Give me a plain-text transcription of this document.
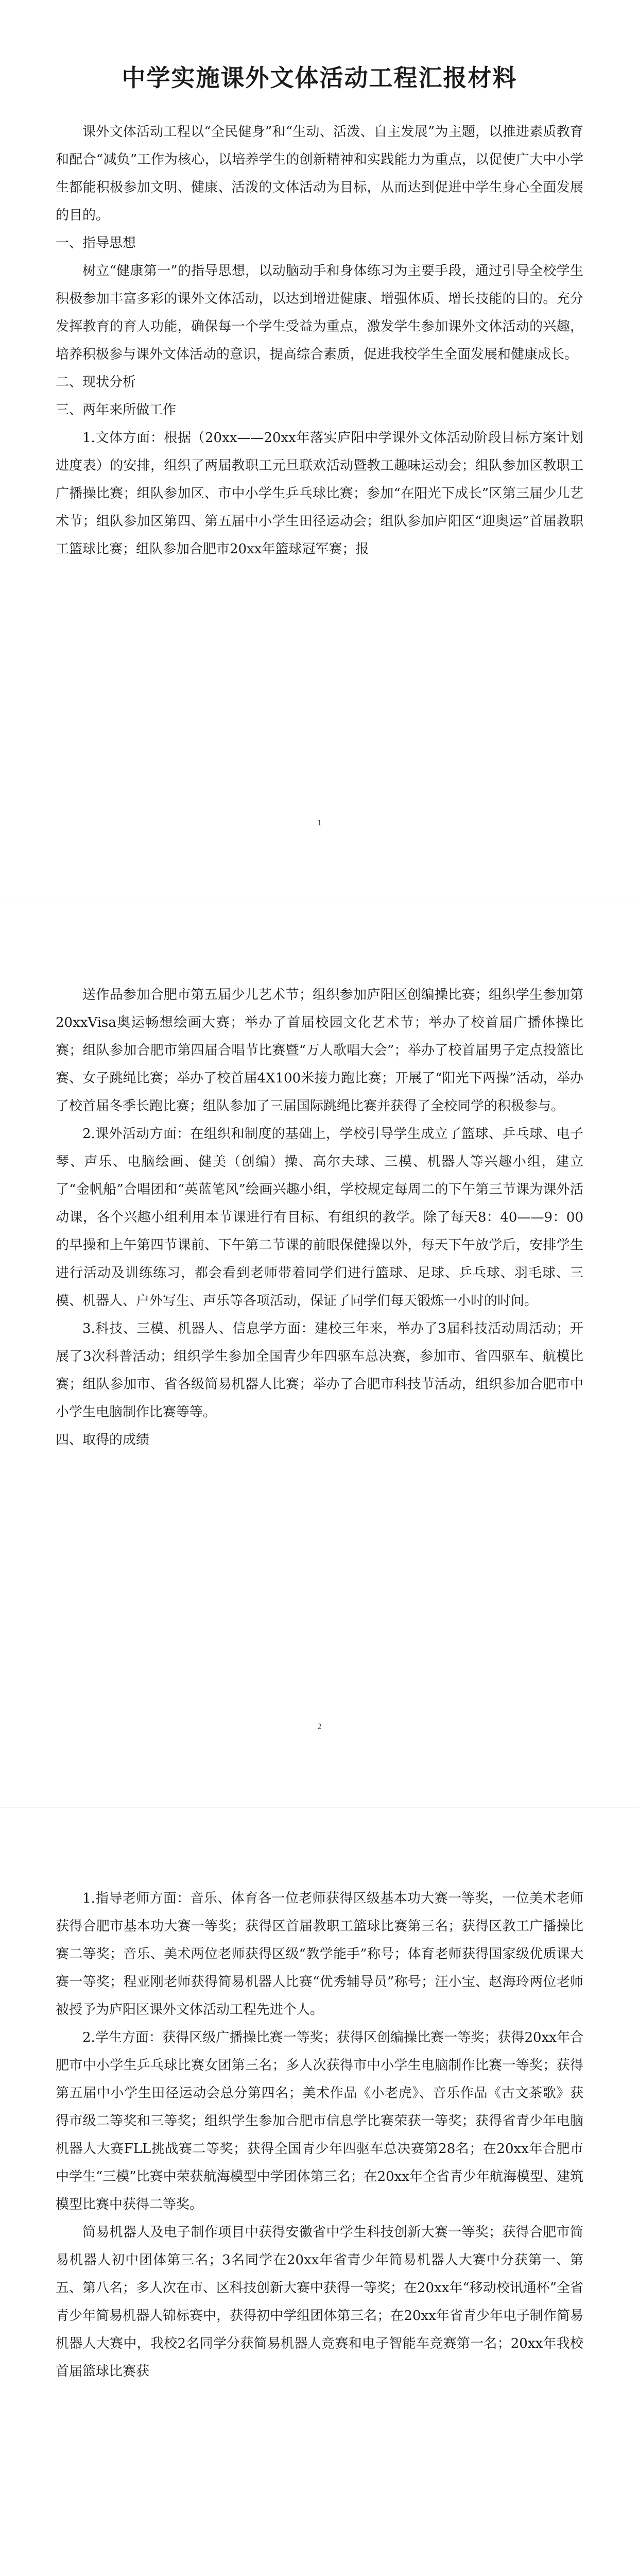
中学实施课外文体活动工程汇报材料

课外文体活动工程以“全民健身”和“生动、活泼、自主发展”为主题，以推进素质教育和配合“减负”工作为核心，以培养学生的创新精神和实践能力为重点，以促使广大中小学生都能积极参加文明、健康、活泼的文体活动为目标，从而达到促进中学生身心全面发展的目的。

一、指导思想

树立“健康第一”的指导思想，以动脑动手和身体练习为主要手段，通过引导全校学生积极参加丰富多彩的课外文体活动，以达到增进健康、增强体质、增长技能的目的。充分发挥教育的育人功能，确保每一个学生受益为重点，激发学生参加课外文体活动的兴趣，培养积极参与课外文体活动的意识，提高综合素质，促进我校学生全面发展和健康成长。

二、现状分析

三、两年来所做工作

1.文体方面：根据（20xx——20xx年落实庐阳中学课外文体活动阶段目标方案计划进度表）的安排，组织了两届教职工元旦联欢活动暨教工趣味运动会；组队参加区教职工广播操比赛；组队参加区、市中小学生乒乓球比赛；参加“在阳光下成长”区第三届少儿艺术节；组队参加区第四、第五届中小学生田径运动会；组队参加庐阳区“迎奥运”首届教职工篮球比赛；组队参加合肥市20xx年篮球冠军赛；报

1

送作品参加合肥市第五届少儿艺术节；组织参加庐阳区创编操比赛；组织学生参加第20xxVisa奥运畅想绘画大赛；举办了首届校园文化艺术节；举办了校首届广播体操比赛；组队参加合肥市第四届合唱节比赛暨“万人歌唱大会”；举办了校首届男子定点投篮比赛、女子跳绳比赛；举办了校首届4X100米接力跑比赛；开展了“阳光下两操”活动，举办了校首届冬季长跑比赛；组队参加了三届国际跳绳比赛并获得了全校同学的积极参与。

2.课外活动方面：在组织和制度的基础上，学校引导学生成立了篮球、乒乓球、电子琴、声乐、电脑绘画、健美（创编）操、高尔夫球、三模、机器人等兴趣小组，建立了“金帆船”合唱团和“英蓝笔风”绘画兴趣小组，学校规定每周二的下午第三节课为课外活动课，各个兴趣小组利用本节课进行有目标、有组织的教学。除了每天8：40——9：00的早操和上午第四节课前、下午第二节课的前眼保健操以外，每天下午放学后，安排学生进行活动及训练练习，都会看到老师带着同学们进行篮球、足球、乒乓球、羽毛球、三模、机器人、户外写生、声乐等各项活动，保证了同学们每天锻炼一小时的时间。

3.科技、三模、机器人、信息学方面：建校三年来，举办了3届科技活动周活动；开展了3次科普活动；组织学生参加全国青少年四驱车总决赛，参加市、省四驱车、航模比赛；组队参加市、省各级简易机器人比赛；举办了合肥市科技节活动，组织参加合肥市中小学生电脑制作比赛等等。

四、取得的成绩

2

1.指导老师方面：音乐、体育各一位老师获得区级基本功大赛一等奖，一位美术老师获得合肥市基本功大赛一等奖；获得区首届教职工篮球比赛第三名；获得区教工广播操比赛二等奖；音乐、美术两位老师获得区级“教学能手”称号；体育老师获得国家级优质课大赛一等奖；程亚刚老师获得简易机器人比赛“优秀辅导员”称号；汪小宝、赵海玲两位老师被授予为庐阳区课外文体活动工程先进个人。

2.学生方面：获得区级广播操比赛一等奖；获得区创编操比赛一等奖；获得20xx年合肥市中小学生乒乓球比赛女团第三名；多人次获得市中小学生电脑制作比赛一等奖；获得第五届中小学生田径运动会总分第四名；美术作品《小老虎》、音乐作品《古文茶歌》获得市级二等奖和三等奖；组织学生参加合肥市信息学比赛荣获一等奖；获得省青少年电脑机器人大赛FLL挑战赛二等奖；获得全国青少年四驱车总决赛第28名；在20xx年合肥市中学生“三模”比赛中荣获航海模型中学团体第三名；在20xx年全省青少年航海模型、建筑模型比赛中获得二等奖。

简易机器人及电子制作项目中获得安徽省中学生科技创新大赛一等奖；获得合肥市简易机器人初中团体第三名；3名同学在20xx年省青少年简易机器人大赛中分获第一、第五、第八名；多人次在市、区科技创新大赛中获得一等奖；在20xx年“移动校讯通杯”全省青少年简易机器人锦标赛中，获得初中学组团体第三名；在20xx年省青少年电子制作简易机器人大赛中，我校2名同学分获简易机器人竞赛和电子智能车竞赛第一名；20xx年我校首届篮球比赛获
